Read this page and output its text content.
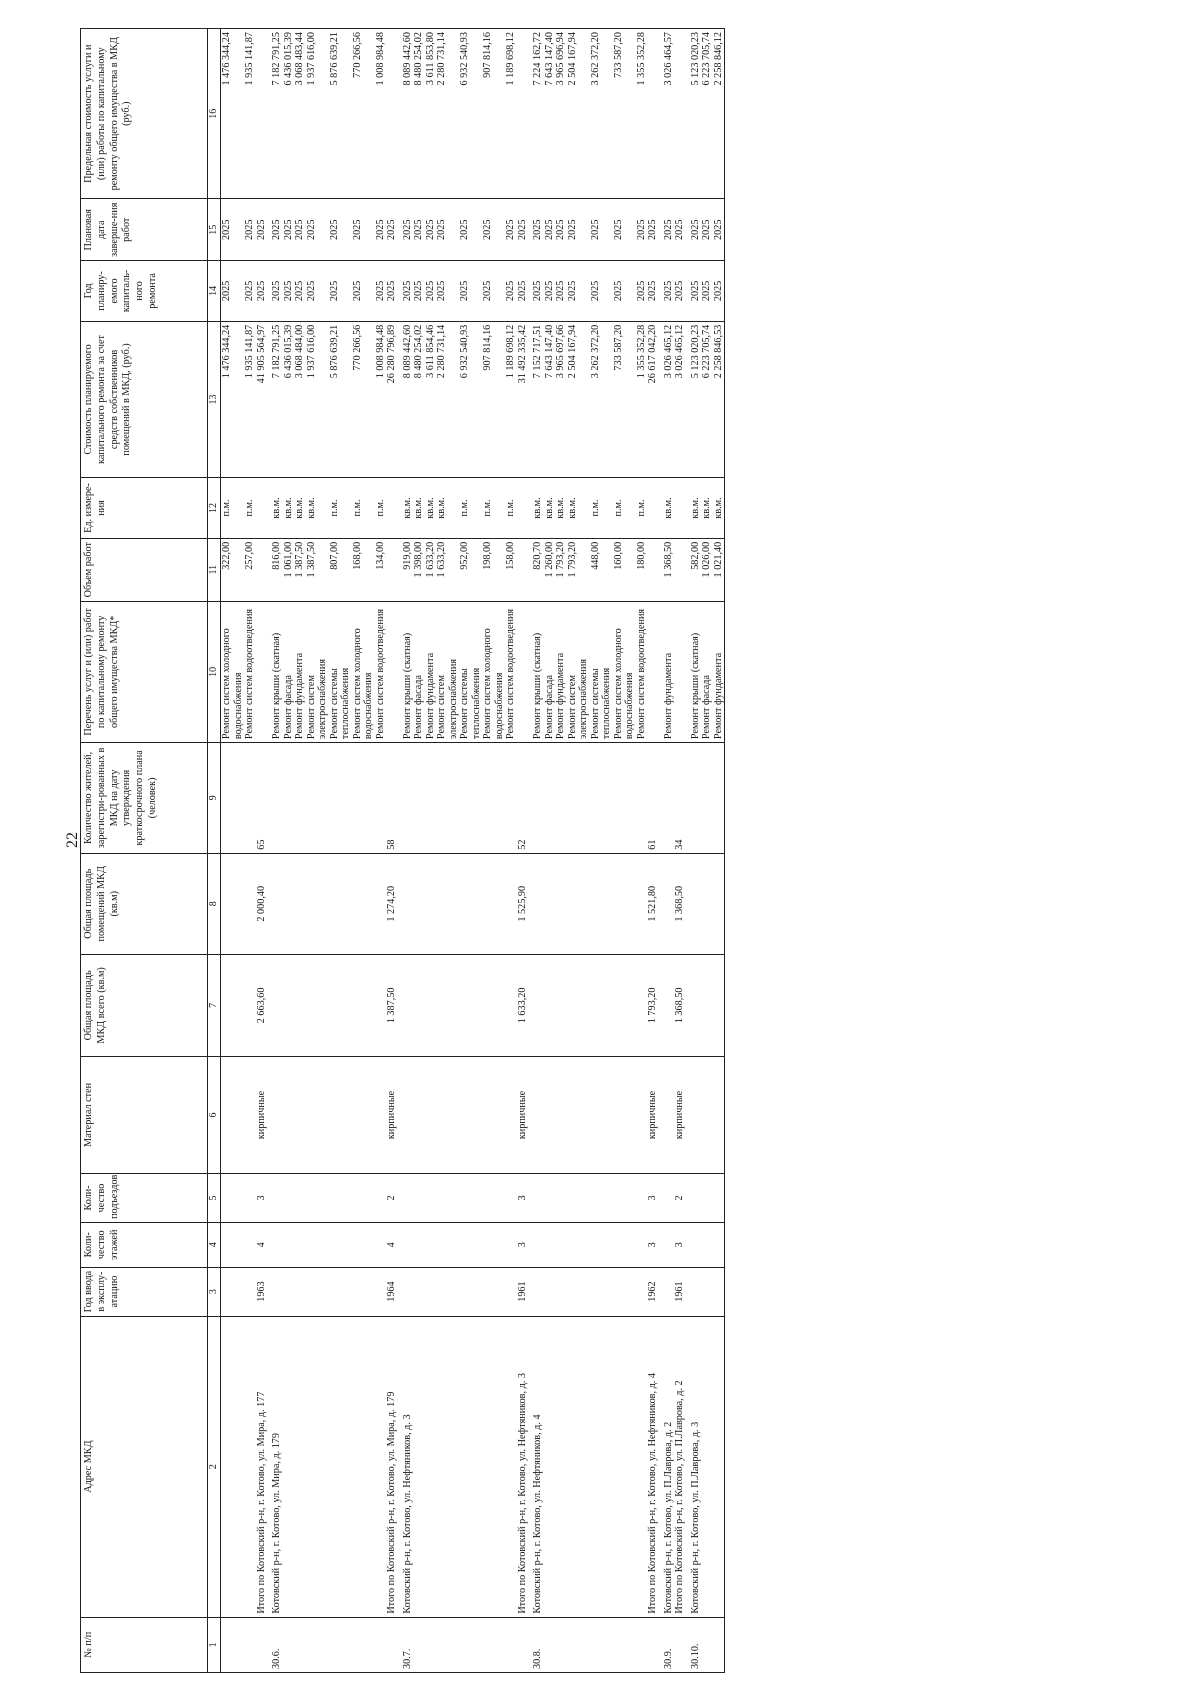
22
№ п/п	Адрес МКД	Год ввода в эксплу-атацию	Коли-чество этажей	Коли-чество подъездов	Материал стен	Общая площадь МКД всего (кв.м)	Общая площадь помещений МКД (кв.м)	Количество жителей, зарегистри-рованных в МКД на дату утверждения краткосрочного плана (человек)	Перечень услуг и (или) работ по капитальному ремонту общего имущества МКД*	Объем работ	Ед. измере-ния	Стоимость планируемого капитального ремонта за счет средств собственников помещений в МКД, (руб.)	Год планиру-емого капиталь-ного ремонта	Плановая дата заверше-ния работ	Предельная стоимость услуги и (или) работы по капитальному ремонту общего имущества в МКД (руб.)
1	2	3	4	5	6	7	8	9	10	11	12	13	14	15	16
									Ремонт систем холодного водоснабжения	322,00	п.м.	1 476 344,24	2025	2025	1 476 344,24
									Ремонт систем водоотведения	257,00	п.м.	1 935 141,87	2025	2025	1 935 141,87
	Итого по Котовский р-н, г. Котово, ул. Мира, д. 177	1963	4	3	кирпичные	2 663,60	2 000,40	65				41 905 564,97	2025	2025	
30.6.	Котовский р-н, г. Котово, ул. Мира, д. 179								Ремонт крыши (скатная)	816,00	кв.м.	7 182 791,25	2025	2025	7 182 791,25
									Ремонт фасада	1 061,00	кв.м.	6 436 015,39	2025	2025	6 436 015,39
									Ремонт фундамента	1 387,50	кв.м.	3 068 484,00	2025	2025	3 068 483,44
									Ремонт систем электроснабжения	1 387,50	кв.м.	1 937 616,00	2025	2025	1 937 616,00
									Ремонт системы теплоснабжения	807,00	п.м.	5 876 639,21	2025	2025	5 876 639,21
									Ремонт систем холодного водоснабжения	168,00	п.м.	770 266,56	2025	2025	770 266,56
									Ремонт систем водоотведения	134,00	п.м.	1 008 984,48	2025	2025	1 008 984,48
	Итого по Котовский р-н, г. Котово, ул. Мира, д. 179	1964	4	2	кирпичные	1 387,50	1 274,20	58				26 280 796,89	2025	2025	
30.7.	Котовский р-н, г. Котово, ул. Нефтяников, д. 3								Ремонт крыши (скатная)	919,00	кв.м.	8 089 442,60	2025	2025	8 089 442,60
									Ремонт фасада	1 398,00	кв.м.	8 480 254,02	2025	2025	8 480 254,02
									Ремонт фундамента	1 633,20	кв.м.	3 611 854,46	2025	2025	3 611 853,80
									Ремонт систем электроснабжения	1 633,20	кв.м.	2 280 731,14	2025	2025	2 280 731,14
									Ремонт системы теплоснабжения	952,00	п.м.	6 932 540,93	2025	2025	6 932 540,93
									Ремонт систем холодного водоснабжения	198,00	п.м.	907 814,16	2025	2025	907 814,16
									Ремонт систем водоотведения	158,00	п.м.	1 189 698,12	2025	2025	1 189 698,12
	Итого по Котовский р-н, г. Котово, ул. Нефтяников, д. 3	1961	3	3	кирпичные	1 633,20	1 525,90	52				31 492 335,42	2025	2025	
30.8.	Котовский р-н, г. Котово, ул. Нефтяников, д. 4								Ремонт крыши (скатная)	820,70	кв.м.	7 152 717,51	2025	2025	7 224 162,72
									Ремонт фасада	1 260,00	кв.м.	7 643 147,40	2025	2025	7 643 147,40
									Ремонт фундамента	1 793,20	кв.м.	3 965 697,66	2025	2025	3 965 696,94
									Ремонт систем электроснабжения	1 793,20	кв.м.	2 504 167,94	2025	2025	2 504 167,94
									Ремонт системы теплоснабжения	448,00	п.м.	3 262 372,20	2025	2025	3 262 372,20
									Ремонт систем холодного водоснабжения	160,00	п.м.	733 587,20	2025	2025	733 587,20
									Ремонт систем водоотведения	180,00	п.м.	1 355 352,28	2025	2025	1 355 352,28
	Итого по Котовский р-н, г. Котово, ул. Нефтяников, д. 4	1962	3	3	кирпичные	1 793,20	1 521,80	61				26 617 042,20	2025	2025	
30.9.	Котовский р-н, г. Котово, ул. П.Лаврова, д. 2								Ремонт фундамента	1 368,50	кв.м.	3 026 465,12	2025	2025	3 026 464,57
	Итого по Котовский р-н, г. Котово, ул. П.Лаврова, д. 2	1961	3	2	кирпичные	1 368,50	1 368,50	34				3 026 465,12	2025	2025	
30.10.	Котовский р-н, г. Котово, ул. П.Лаврова, д. 3								Ремонт крыши (скатная)	582,00	кв.м.	5 123 020,23	2025	2025	5 123 020,23
									Ремонт фасада	1 026,00	кв.м.	6 223 705,74	2025	2025	6 223 705,74
									Ремонт фундамента	1 021,40	кв.м.	2 258 846,53	2025	2025	2 258 846,12
